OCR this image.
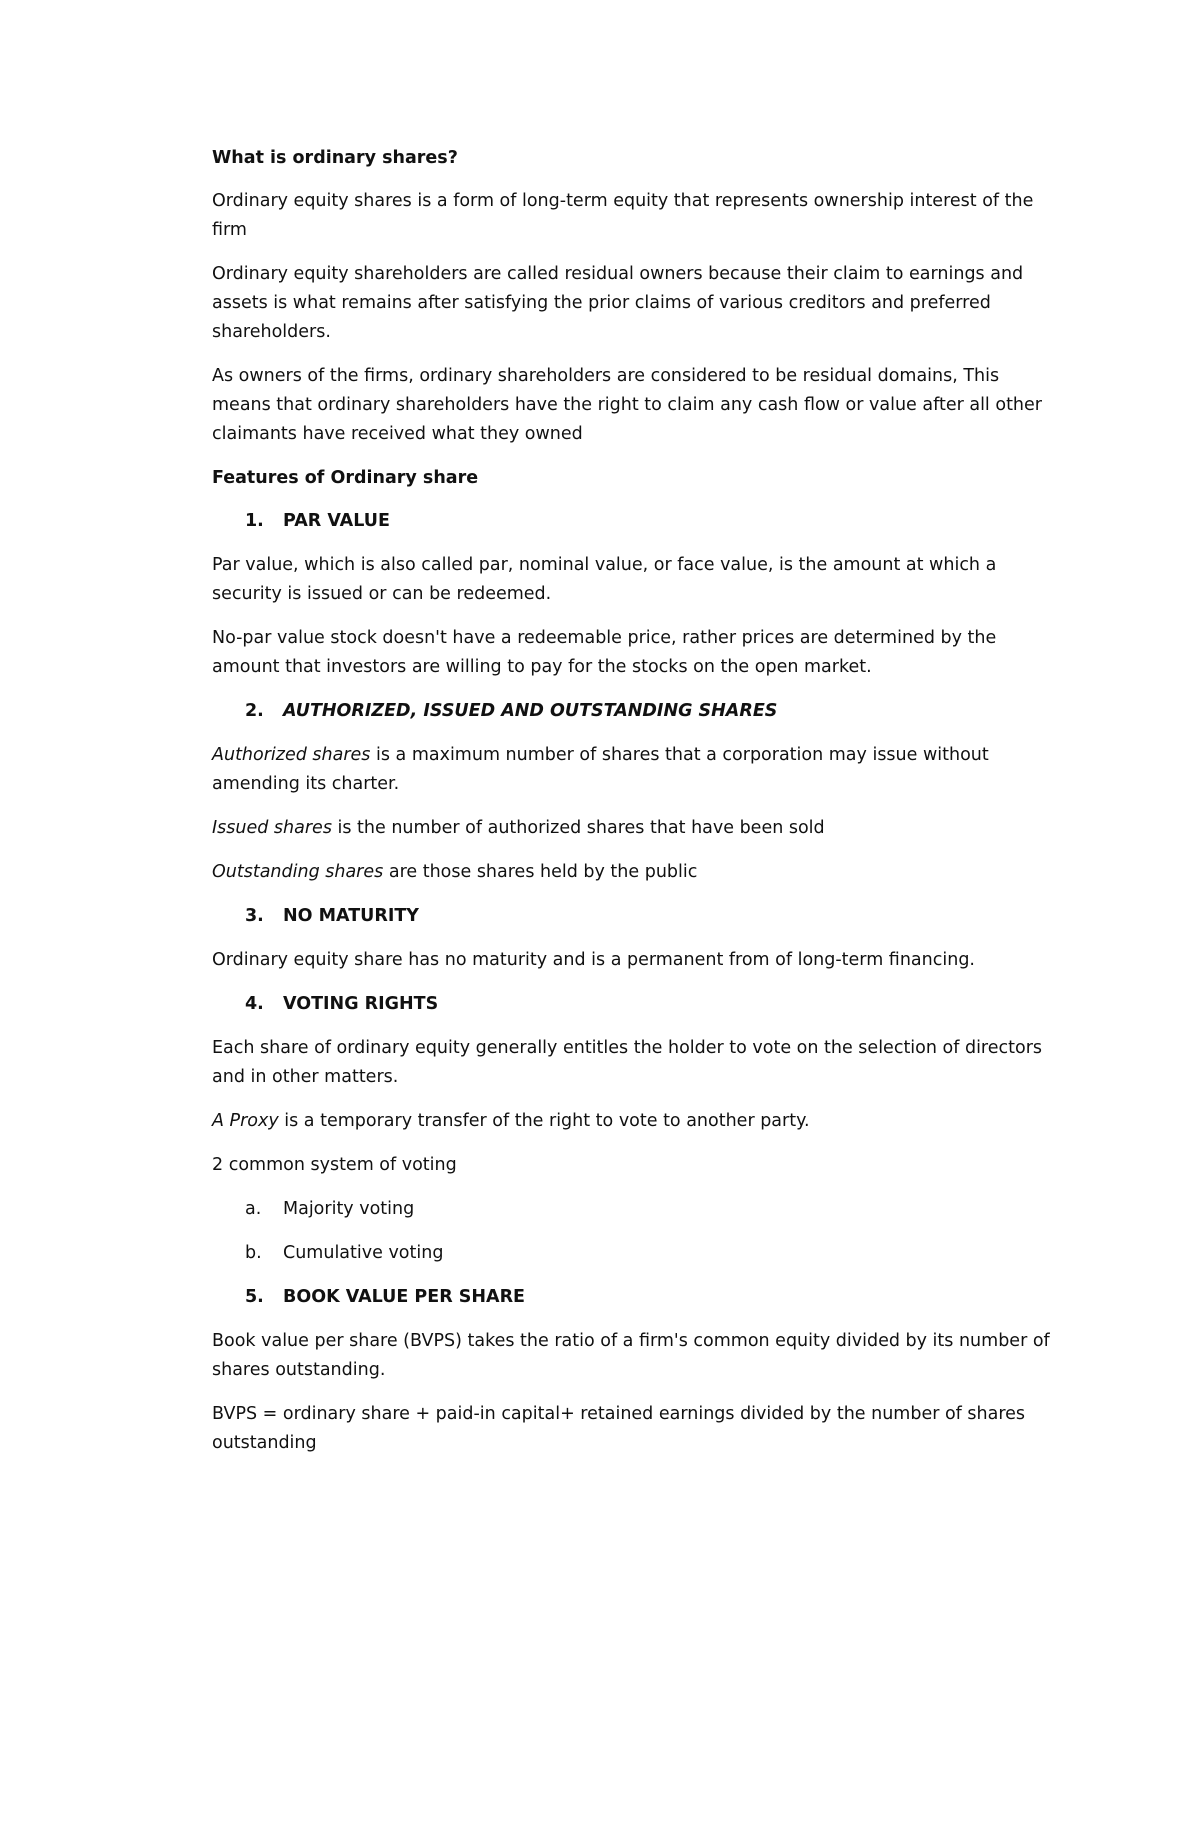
What is ordinary shares?

Ordinary equity shares is a form of long-term equity that represents ownership interest of the firm

Ordinary equity shareholders are called residual owners because their claim to earnings and assets is what remains after satisfying the prior claims of various creditors and preferred shareholders.

As owners of the firms, ordinary shareholders are considered to be residual domains, This means that ordinary shareholders have the right to claim any cash flow or value after all other claimants have received what they owned

Features of Ordinary share

1.	PAR VALUE

Par value, which is also called par, nominal value, or face value, is the amount at which a security is issued or can be redeemed.

No-par value stock doesn't have a redeemable price, rather prices are determined by the amount that investors are willing to pay for the stocks on the open market.

2.	AUTHORIZED, ISSUED AND OUTSTANDING SHARES

Authorized shares is a maximum number of shares that a corporation may issue without amending its charter.

Issued shares is the number of authorized shares that have been sold

Outstanding shares are those shares held by the public

3.	NO MATURITY

Ordinary equity share has no maturity and is a permanent from of long-term financing.

4.	VOTING RIGHTS

Each share of ordinary equity generally entitles the holder to vote on the selection of directors and in other matters.

A Proxy is a temporary transfer of the right to vote to another party.

2 common system of voting

a.	Majority voting
b.	Cumulative voting
5.	BOOK VALUE PER SHARE

Book value per share (BVPS) takes the ratio of a firm's common equity divided by its number of shares outstanding.

BVPS = ordinary share + paid-in capital+ retained earnings divided by the number of shares outstanding
